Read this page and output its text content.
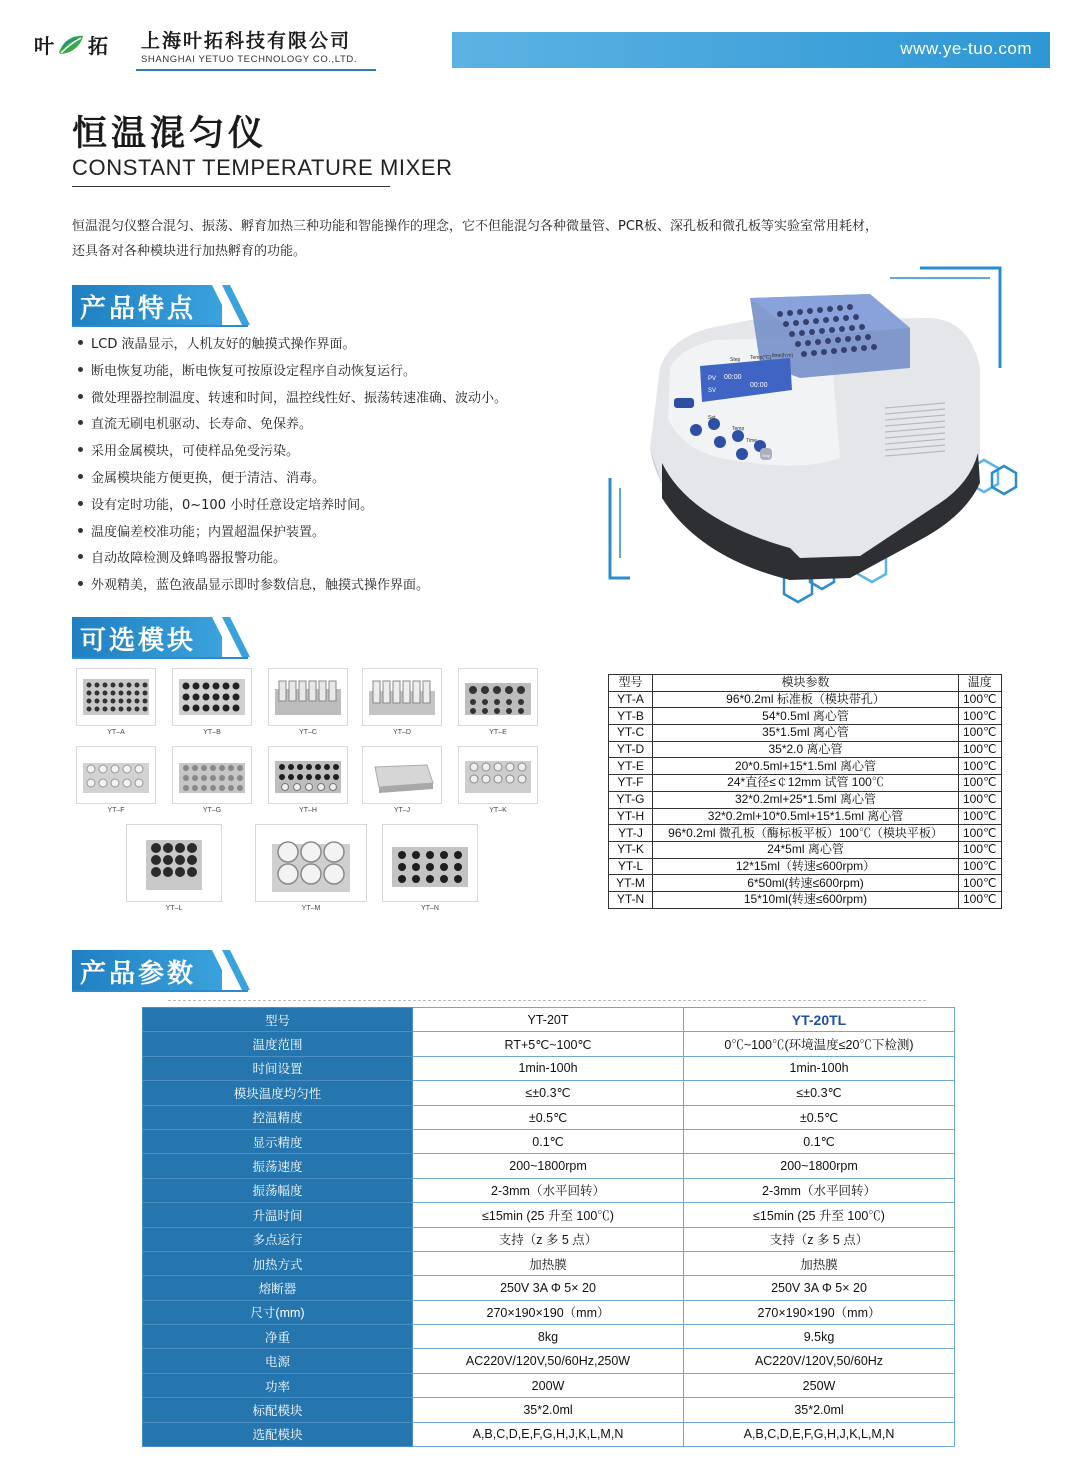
叶 拓 上海叶拓科技有限公司
SHANGHAI YETUO TECHNOLOGY CO.,LTD.
www.ye-tuo.com
恒温混匀仪
CONSTANT TEMPERATURE MIXER
恒温混匀仪整合混匀、振荡、孵育加热三种功能和智能操作的理念，它不但能混匀各种微量管、PCR板、深孔板和微孔板等实验室常用耗材，
还具备对各种模块进行加热孵育的功能。
产品特点
LCD 液晶显示，人机友好的触摸式操作界面。
断电恢复功能，断电恢复可按原设定程序自动恢复运行。
微处理器控制温度、转速和时间，温控线性好、振荡转速准确、波动小。
直流无刷电机驱动、长寿命、免保养。
采用金属模块，可使样品免受污染。
金属模块能方便更换，便于清洁、消毒。
设有定时功能，0~100 小时任意设定培养时间。
温度偏差校准功能；内置超温保护装置。
自动故障检测及蜂鸣器报警功能。
外观精美，蓝色液晶显示即时参数信息，触摸式操作界面。
PV
SV
00:00
00:00
Step Temp(°C) time(h:m)
Set
Temp
Time
Stop
可选模块
YT–A	YT–B	YT–C	YT–D	YT–E
YT–F	YT–G	YT–H	YT–J	YT–K
YT–L	YT–M	YT–N
型号	模块参数	温度
YT-A	96*0.2ml 标准板（模块带孔）	100℃
YT-B	54*0.5ml 离心管	100℃
YT-C	35*1.5ml 离心管	100℃
YT-D	35*2.0 离心管	100℃
YT-E	20*0.5ml+15*1.5ml 离心管	100℃
YT-F	24*直径≤￠12mm 试管 100℃	100℃
YT-G	32*0.2ml+25*1.5ml 离心管	100℃
YT-H	32*0.2ml+10*0.5ml+15*1.5ml 离心管	100℃
YT-J	96*0.2ml 微孔板（酶标板平板）100℃（模块平板）	100℃
YT-K	24*5ml 离心管	100℃
YT-L	12*15ml（转速≤600rpm）	100℃
YT-M	6*50ml(转速≤600rpm)	100℃
YT-N	15*10ml(转速≤600rpm)	100℃
产品参数
型号	YT-20T	YT-20TL
温度范围	RT+5℃~100℃	0℃~100℃(环境温度≤20℃下检测)
时间设置	1min-100h	1min-100h
模块温度均匀性	≤±0.3℃	≤±0.3℃
控温精度	±0.5℃	±0.5℃
显示精度	0.1℃	0.1℃
振荡速度	200~1800rpm	200~1800rpm
振荡幅度	2-3mm（水平回转）	2-3mm（水平回转）
升温时间	≤15min (25 升至 100℃)	≤15min (25 升至 100℃)
多点运行	支持（z 多 5 点）	支持（z 多 5 点）
加热方式	加热膜	加热膜
熔断器	250V 3A Φ 5× 20	250V 3A Φ 5× 20
尺寸(mm)	270×190×190（mm）	270×190×190（mm）
净重	8kg	9.5kg
电源	AC220V/120V,50/60Hz,250W	AC220V/120V,50/60Hz
功率	200W	250W
标配模块	35*2.0ml	35*2.0ml
选配模块	A,B,C,D,E,F,G,H,J,K,L,M,N	A,B,C,D,E,F,G,H,J,K,L,M,N
